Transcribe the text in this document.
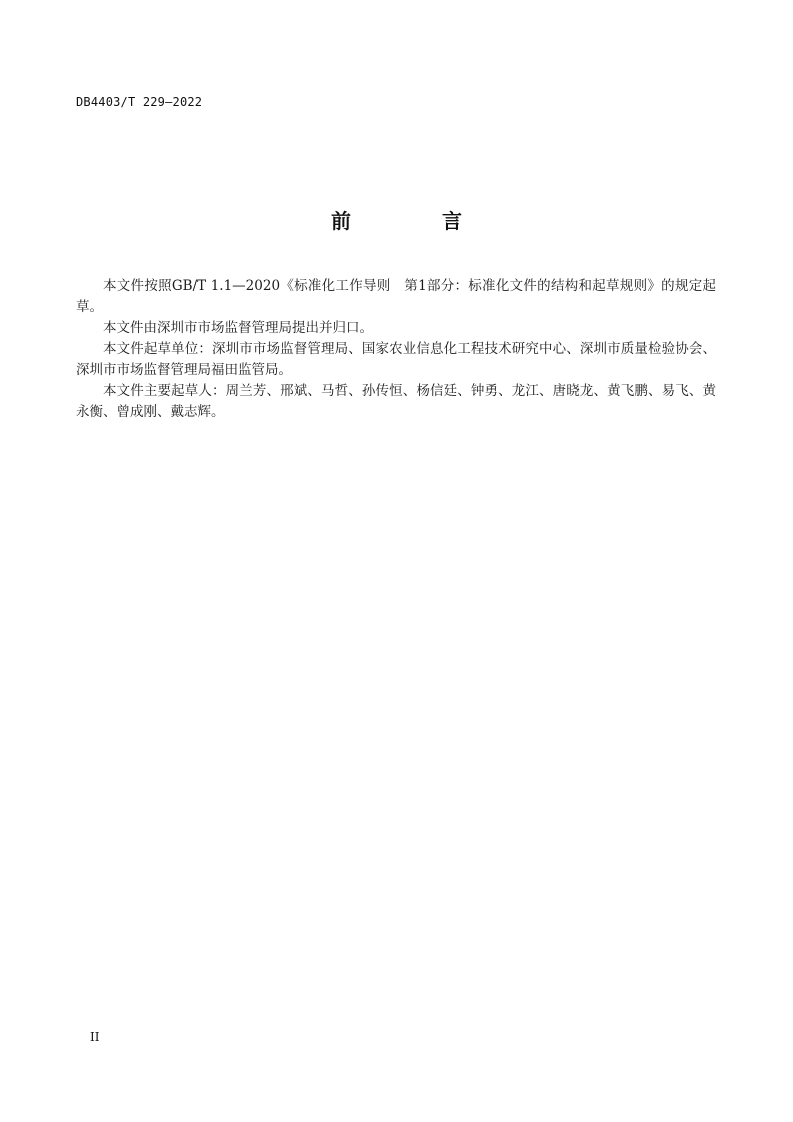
DB4403/T 229—2022
前 言

本文件按照GB/T 1.1—2020《标准化工作导则　第1部分：标准化文件的结构和起草规则》的规定起草。

本文件由深圳市市场监督管理局提出并归口。

本文件起草单位：深圳市市场监督管理局、国家农业信息化工程技术研究中心、深圳市质量检验协会、深圳市市场监督管理局福田监管局。

本文件主要起草人：周兰芳、邢斌、马哲、孙传恒、杨信廷、钟勇、龙江、唐晓龙、黄飞鹏、易飞、黄永衡、曾成刚、戴志辉。

II
